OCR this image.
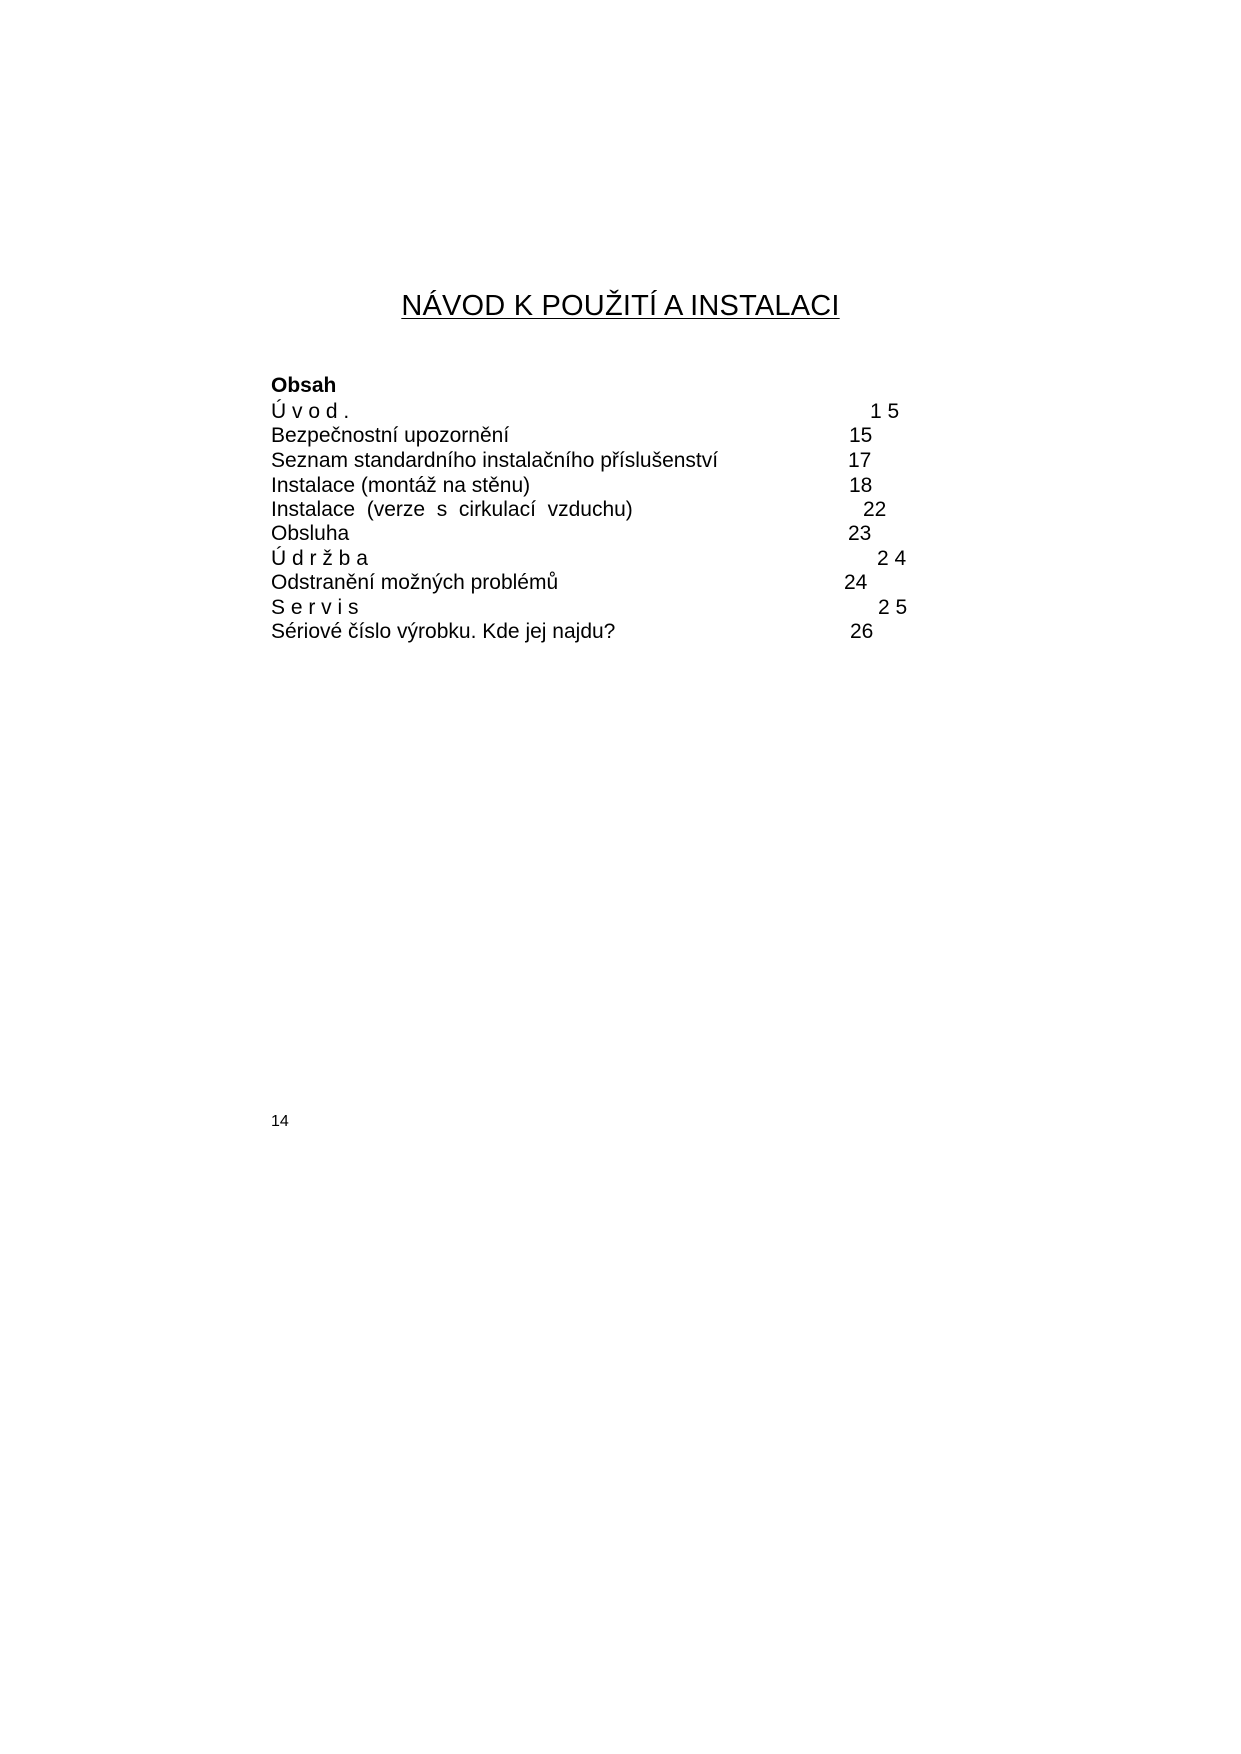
NÁVOD K POUŽITÍ A INSTALACI
Obsah
Ú v o d .	1 5
Bezpečnostní upozornění	15
Seznam standardního instalačního příslušenství	17
Instalace (montáž na stěnu)	18
Instalace  (verze  s  cirkulací  vzduchu)	22
Obsluha	23
Ú d r ž b a	2 4
Odstranění možných problémů	24
S e r v i s	2 5
Sériové číslo výrobku. Kde jej najdu?	26
14
